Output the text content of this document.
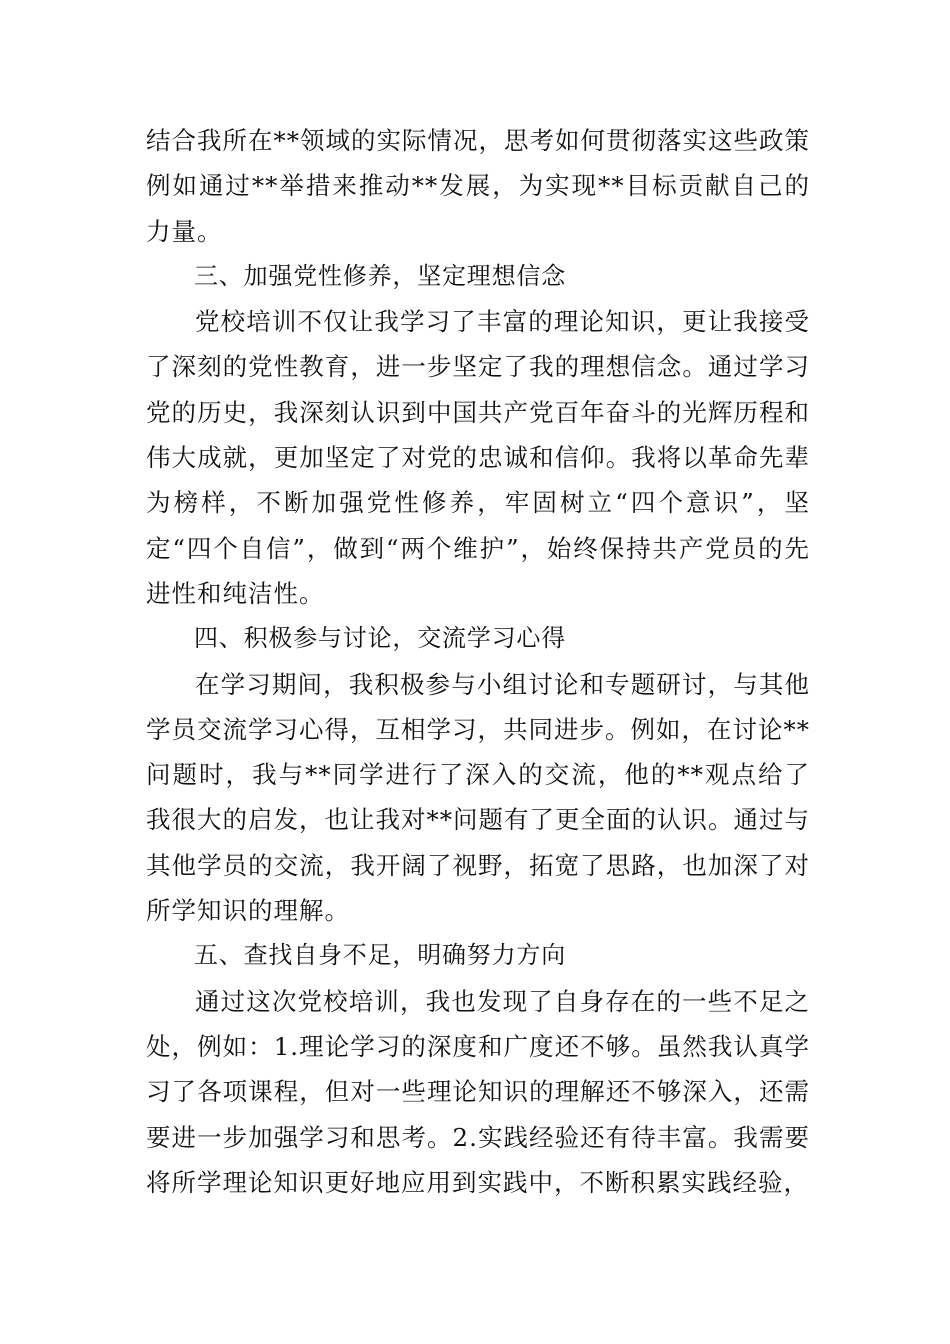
结合我所在**领域的实际情况，思考如何贯彻落实这些政策例如通过**举措来推动**发展，为实现**目标贡献自己的力量。

三、加强党性修养，坚定理想信念

党校培训不仅让我学习了丰富的理论知识，更让我接受了深刻的党性教育，进一步坚定了我的理想信念。通过学习党的历史，我深刻认识到中国共产党百年奋斗的光辉历程和伟大成就，更加坚定了对党的忠诚和信仰。我将以革命先辈为榜样，不断加强党性修养，牢固树立“四个意识”，坚定“四个自信”，做到“两个维护”，始终保持共产党员的先进性和纯洁性。

四、积极参与讨论，交流学习心得

在学习期间，我积极参与小组讨论和专题研讨，与其他学员交流学习心得，互相学习，共同进步。例如，在讨论**问题时，我与**同学进行了深入的交流，他的**观点给了我很大的启发，也让我对**问题有了更全面的认识。通过与其他学员的交流，我开阔了视野，拓宽了思路，也加深了对所学知识的理解。

五、查找自身不足，明确努力方向

通过这次党校培训，我也发现了自身存在的一些不足之处，例如：1.理论学习的深度和广度还不够。虽然我认真学习了各项课程，但对一些理论知识的理解还不够深入，还需要进一步加强学习和思考。2.实践经验还有待丰富。我需要将所学理论知识更好地应用到实践中，不断积累实践经验，
